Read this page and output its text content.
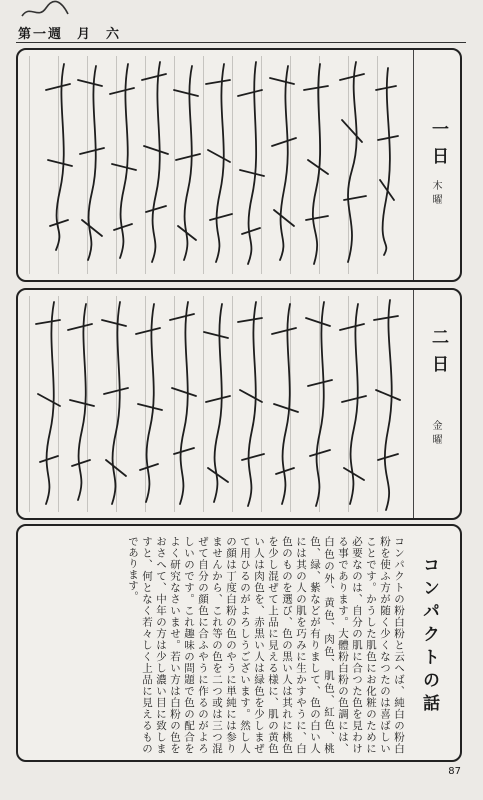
第一週 月 六
一日
木曜
二日
金曜
コンパクトの話

コンパクトの粉白粉と云へば、純白の粉白粉を使ふ方が随く少くなつたのは喜ばしいことです。かうした肌色にお化粧のために必要なのは、自分の肌に合つた色を見わける事であります。大體粉白粉の色調には、白色の外、黄色、肉色、肌色、紅色、桃色、緑、紫などが有りまして、色の白い人には其の人の肌を巧みに生かすやうに、白色のものを選び、色の黒い人は其れに桃色を少し混ぜて上品に見える様に、肌の黄色い人は肉色を、赤黒い人は緑色を少しまぜて用ひるのがよろしうございます。然し人の顔は丁度白粉の色のやうに単純には参りませんから、これ等の色を二つ或は三つ混ぜて自分の顔色に合ふやうに作るのがよろしいのです。これ趣味の問題で色の配合をよく研究なさいませ。若い方は白粉の色をおさへて、中年の方は少し濃い目に致しますと、何となく若々しく上品に見えるものであります。

87
